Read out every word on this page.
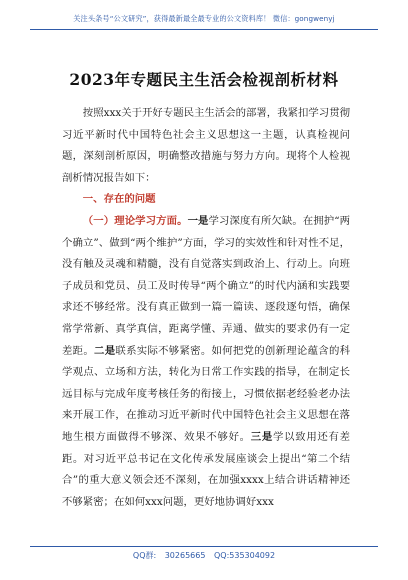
关注头条号“公文研究”，获得最新最全最专业的公文资料库！ 微信：gongwenyj
2023年专题民主生活会检视剖析材料

按照xxx关于开好专题民主生活会的部署，我紧扣学习贯彻习近平新时代中国特色社会主义思想这一主题，认真检视问题，深刻剖析原因，明确整改措施与努力方向。现将个人检视剖析情况报告如下：

一、存在的问题

（一）理论学习方面。一是学习深度有所欠缺。在拥护“两个确立”、做到“两个维护”方面，学习的实效性和针对性不足，没有触及灵魂和精髓，没有自觉落实到政治上、行动上。向班子成员和党员、员工及时传导“两个确立”的时代内涵和实践要求还不够经常。没有真正做到一篇一篇读、逐段逐句悟，确保常学常新、真学真信，距离学懂、弄通、做实的要求仍有一定差距。二是联系实际不够紧密。如何把党的创新理论蕴含的科学观点、立场和方法，转化为日常工作实践的指导，在制定长远目标与完成年度考核任务的衔接上，习惯依据老经验老办法来开展工作，在推动习近平新时代中国特色社会主义思想在落地生根方面做得不够深、效果不够好。三是学以致用还有差距。对习近平总书记在文化传承发展座谈会上提出“第二个结合”的重大意义领会还不深刻，在加强xxxx上结合讲话精神还不够紧密；在如何xxx问题，更好地协调好xxx

QQ群: 30265665 QQ:535304092
